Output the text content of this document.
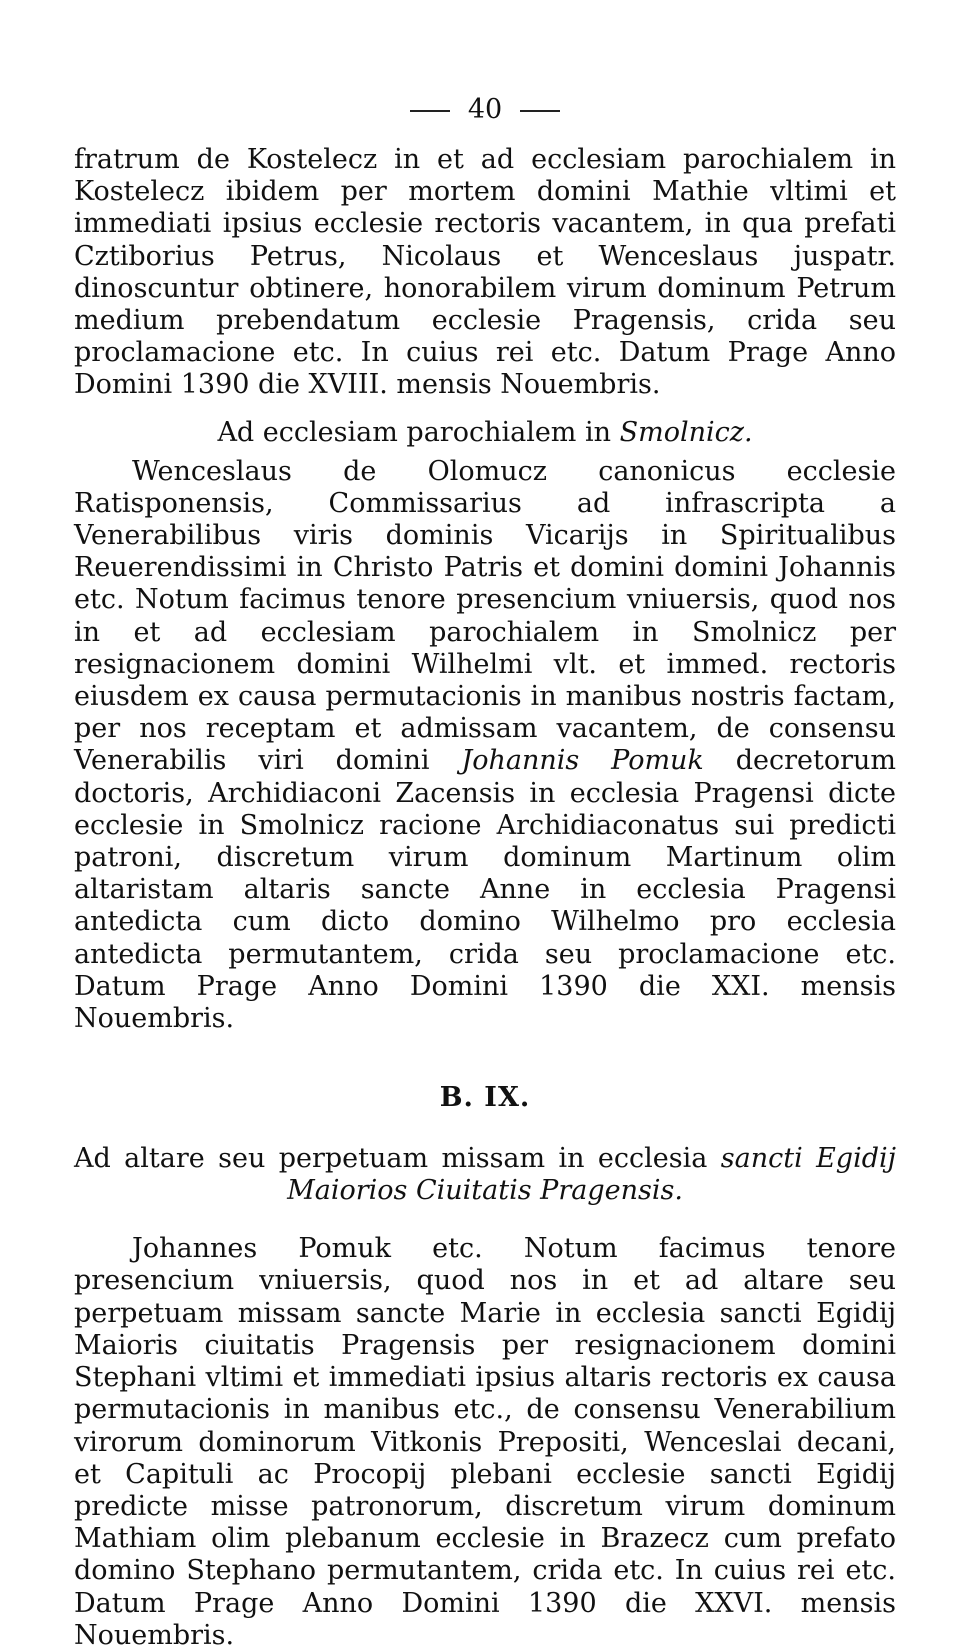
40

fratrum de Kostelecz in et ad ecclesiam parochialem in Kostelecz ibidem per mortem domini Mathie vltimi et immediati ipsius ecclesie rectoris vacantem, in qua prefati Cztiborius Petrus, Nicolaus et Wenceslaus juspatr. dinoscuntur obtinere, honorabilem virum dominum Petrum medium prebendatum ecclesie Pragensis, crida seu proclamacione etc. In cuius rei etc. Datum Prage Anno Domini 1390 die XVIII. mensis Nouembris.

Ad ecclesiam parochialem in Smolnicz.

Wenceslaus de Olomucz canonicus ecclesie Ratisponensis, Commissarius ad infrascripta a Venerabilibus viris dominis Vicarijs in Spiritualibus Reuerendissimi in Christo Patris et domini domini Johannis etc. Notum facimus tenore presencium vniuersis, quod nos in et ad ecclesiam parochialem in Smolnicz per resignacionem domini Wilhelmi vlt. et immed. rectoris eiusdem ex causa permutacionis in manibus nostris factam, per nos receptam et admissam vacantem, de consensu Venerabilis viri domini Johannis Pomuk decretorum doctoris, Archidiaconi Zacensis in ecclesia Pragensi dicte ecclesie in Smolnicz racione Archidiaconatus sui predicti patroni, discretum virum dominum Martinum olim altaristam altaris sancte Anne in ecclesia Pragensi antedicta cum dicto domino Wilhelmo pro ecclesia antedicta permutantem, crida seu proclamacione etc. Datum Prage Anno Domini 1390 die XXI. mensis Nouembris.

B. IX.
Ad altare seu perpetuam missam in ecclesia sancti Egidij
Maiorios Ciuitatis Pragensis.

Johannes Pomuk etc. Notum facimus tenore presencium vniuersis, quod nos in et ad altare seu perpetuam missam sancte Marie in ecclesia sancti Egidij Maioris ciuitatis Pragensis per resignacionem domini Stephani vltimi et immediati ipsius altaris rectoris ex causa permutacionis in manibus etc., de consensu Venerabilium virorum dominorum Vitkonis Prepositi, Wenceslai decani, et Capituli ac Procopij plebani ecclesie sancti Egidij predicte misse patronorum, discretum virum dominum Mathiam olim plebanum ecclesie in Brazecz cum prefato domino Stephano permutantem, crida etc. In cuius rei etc. Datum Prage Anno Domini 1390 die XXVI. mensis Nouembris.
